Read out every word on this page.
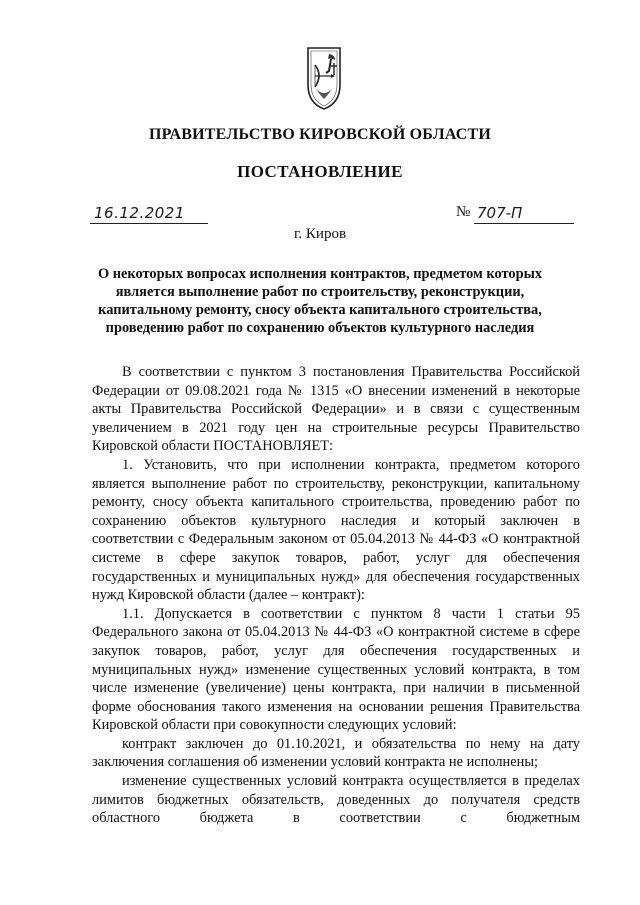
ПРАВИТЕЛЬСТВО КИРОВСКОЙ ОБЛАСТИ
ПОСТАНОВЛЕНИЕ
16.12.2021	№ 707-П
г. Киров
О некоторых вопросах исполнения контрактов, предметом которых
является выполнение работ по строительству, реконструкции,
капитальному ремонту, сносу объекта капитального строительства,
проведению работ по сохранению объектов культурного наследия

В соответствии с пунктом 3 постановления Правительства Российской Федерации от 09.08.2021 года № 1315 «О внесении изменений в некоторые акты Правительства Российской Федерации» и в связи с существенным увеличением в 2021 году цен на строительные ресурсы Правительство Кировской области ПОСТАНОВЛЯЕТ:

1. Установить, что при исполнении контракта, предметом которого является выполнение работ по строительству, реконструкции, капитальному ремонту, сносу объекта капитального строительства, проведению работ по сохранению объектов культурного наследия и который заключен в соответствии с Федеральным законом от 05.04.2013 № 44-ФЗ «О контрактной системе в сфере закупок товаров, работ, услуг для обеспечения государственных и муниципальных нужд» для обеспечения государственных нужд Кировской области (далее – контракт):

1.1. Допускается в соответствии с пунктом 8 части 1 статьи 95 Федерального закона от 05.04.2013 № 44-ФЗ «О контрактной системе в сфере закупок товаров, работ, услуг для обеспечения государственных и муниципальных нужд» изменение существенных условий контракта, в том числе изменение (увеличение) цены контракта, при наличии в письменной форме обоснования такого изменения на основании решения Правительства Кировской области при совокупности следующих условий:

контракт заключен до 01.10.2021, и обязательства по нему на дату заключения соглашения об изменении условий контракта не исполнены;

изменение существенных условий контракта осуществляется в пределах лимитов бюджетных обязательств, доведенных до получателя средств областного бюджета в соответствии с бюджетным
